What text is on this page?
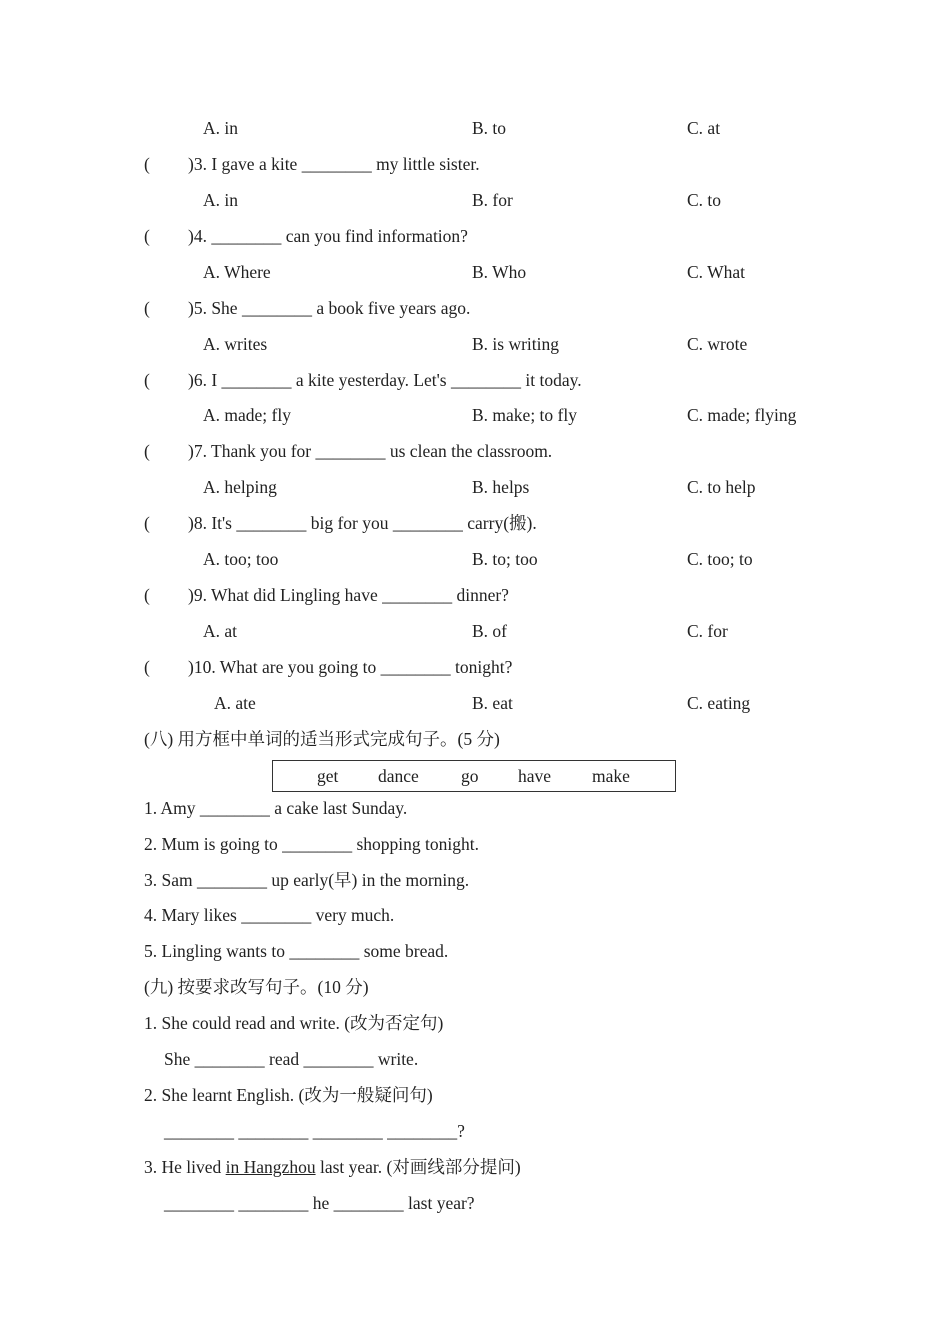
A. in	B. to	C. at
( )3. I gave a kite ________ my little sister.
A. in	B. for	C. to
( )4. ________ can you find information?
A. Where	B. Who	C. What
( )5. She ________ a book five years ago.
A. writes	B. is writing	C. wrote
( )6. I ________ a kite yesterday. Let's ________ it today.
A. made; fly	B. make; to fly	C. made; flying
( )7. Thank you for ________ us clean the classroom.
A. helping	B. helps	C. to help
( )8. It's ________ big for you ________ carry(搬).
A. too; too	B. to; too	C. too; to
( )9. What did Lingling have ________ dinner?
A. at	B. of	C. for
( )10. What are you going to ________ tonight?
A. ate	B. eat	C. eating
(八) 用方框中单词的适当形式完成句子。(5 分)
get dance go have make
1. Amy ________ a cake last Sunday.
2. Mum is going to ________ shopping tonight.
3. Sam ________ up early(早) in the morning.
4. Mary likes ________ very much.
5. Lingling wants to ________ some bread.
(九) 按要求改写句子。(10 分)
1. She could read and write. (改为否定句)
She ________ read ________ write.
2. She learnt English. (改为一般疑问句)
________ ________ ________ ________?
3. He lived in Hangzhou last year. (对画线部分提问)
________ ________ he ________ last year?
